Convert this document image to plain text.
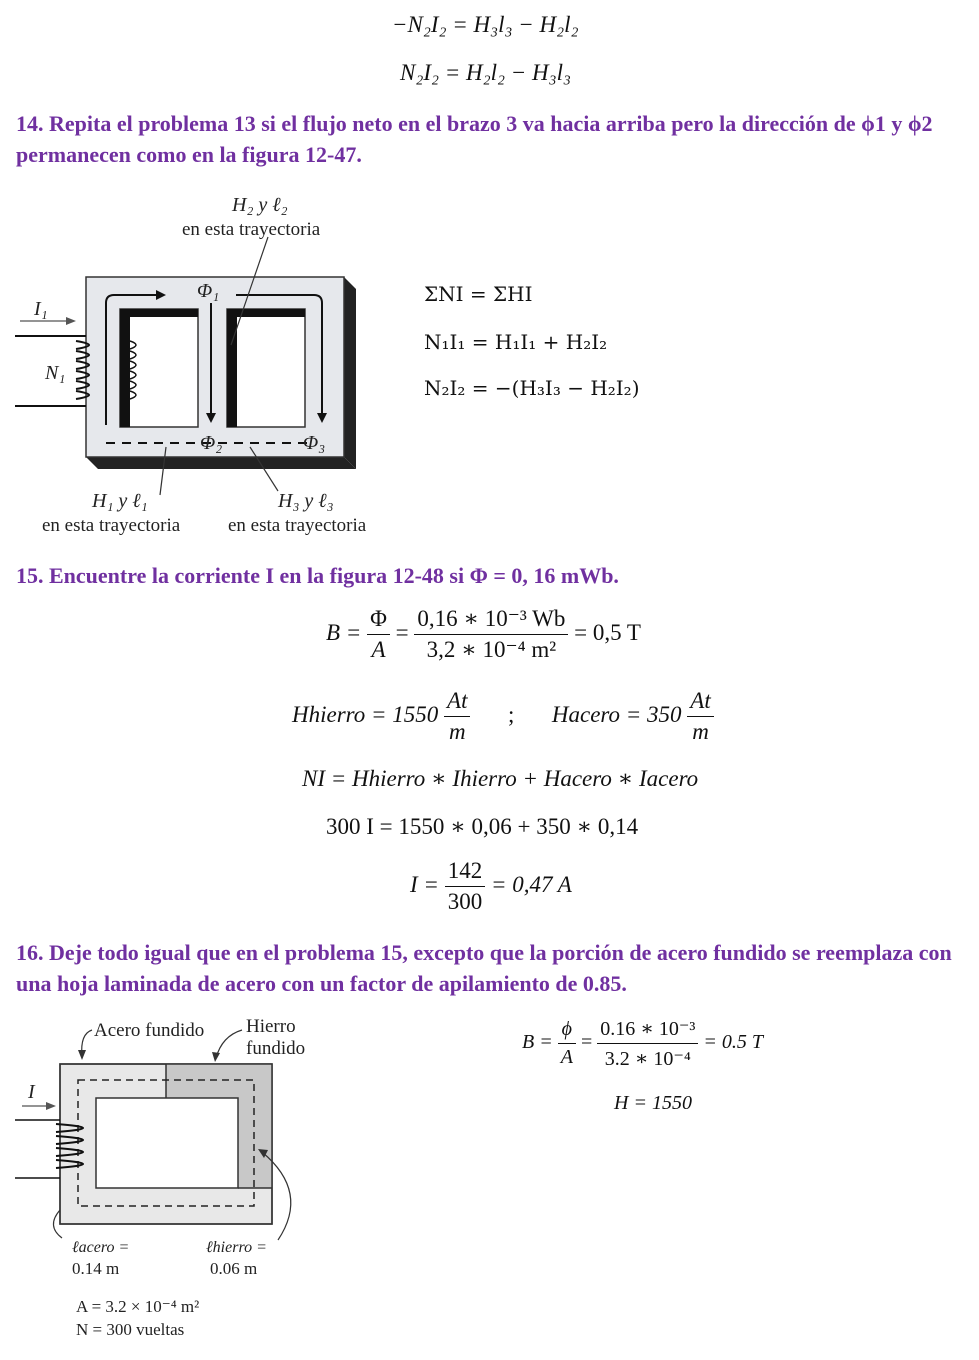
−N₂I₂ = H₃l₃ − H₂l₂
N₂I₂ = H₂l₂ − H₃l₃
14. Repita el problema 13 si el flujo neto en el brazo 3 va hacia arriba pero la dirección de ϕ1 y ϕ2 permanecen como en la figura 12-47.
H₂ y ℓ₂
en esta trayectoria
Φ₁
Φ₂	Φ₃
I₁
N₁
H₁ y ℓ₁
en esta trayectoria
H₃ y ℓ₃
en esta trayectoria
ΣNI = ΣHI
N₁I₁ = H₁I₁ + H₂I₂
N₂I₂ = −(H₃I₃ − H₂I₂)
15. Encuentre la corriente I en la figura 12-48 si Φ = 0, 16 mWb.
$B = \frac{\Phi}{A} = \frac{\text{0,16 ∗ 10⁻³ Wb}}{\text{3,2 ∗ 10⁻⁴ m²}} = 0,5$ T
Hhierro = $1550 \frac{At}{m}$ ; Hacero = $350 \frac{At}{m}$
NI = Hhierro ∗ Ihierro + Hacero ∗ Iacero
300 I = 1550 ∗ 0,06 + 350 ∗ 0,14
$I = \frac{142}{300} = 0,47$ A
16. Deje todo igual que en el problema 15, excepto que la porción de acero fundido se reemplaza con una hoja laminada de acero con un factor de apilamiento de 0.85.
Acero fundido Hierro
fundido
I
ℓacero =
0.14 m
ℓhierro =
0.06 m
A = 3.2 × 10⁻⁴ m²
N = 300 vueltas
$B = \frac{\phi}{A} = \frac{\text{0.16 ∗ 10⁻³}}{\text{3.2 ∗ 10⁻⁴}} = 0.5$ T
H = 1550
